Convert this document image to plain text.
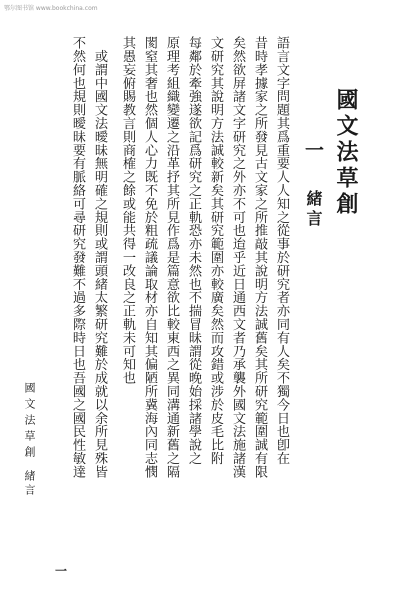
鄂尔图书馆 www.bookchina.com
國文法草創
一
緒言
語言文字問題其爲重要人人知之從事於研究者亦同有人矣不獨今日也卽在
昔時孝據家之所發見古文家之所推敲其說明方法誠舊矣其所研究範圍誠有限
矣然欲屏諸文字研究之外亦不可也迨乎近日通西文者乃承襲外國文法施諸漢
文研究其說明方法誠較新矣其研究範圍亦較廣矣然而攻錯或涉於皮毛比附
每鄰於牽強遂欲記爲研究之正軌恐亦未然也不揣冒昧謂從晚始採諸學說之
原理考組織變遷之沿革抒其所見作爲是篇意欲比較東西之異同溝通新舊之隔
閡窒其奢也然個人心力既不免於粗疏議論取材亦自知其偏陋所冀海內同志憫
其愚妄俯賜教言則商榷之餘或能共得一改良之正軌未可知也
　或謂中國文法曖昧無明確之規則或謂頭緒太繁研究難於成就以余所見殊皆
不然何也規則曖昧要有脈絡可尋研究發難不過多際時日也吾國之國民性敏達
國文法草創
緒言
一
